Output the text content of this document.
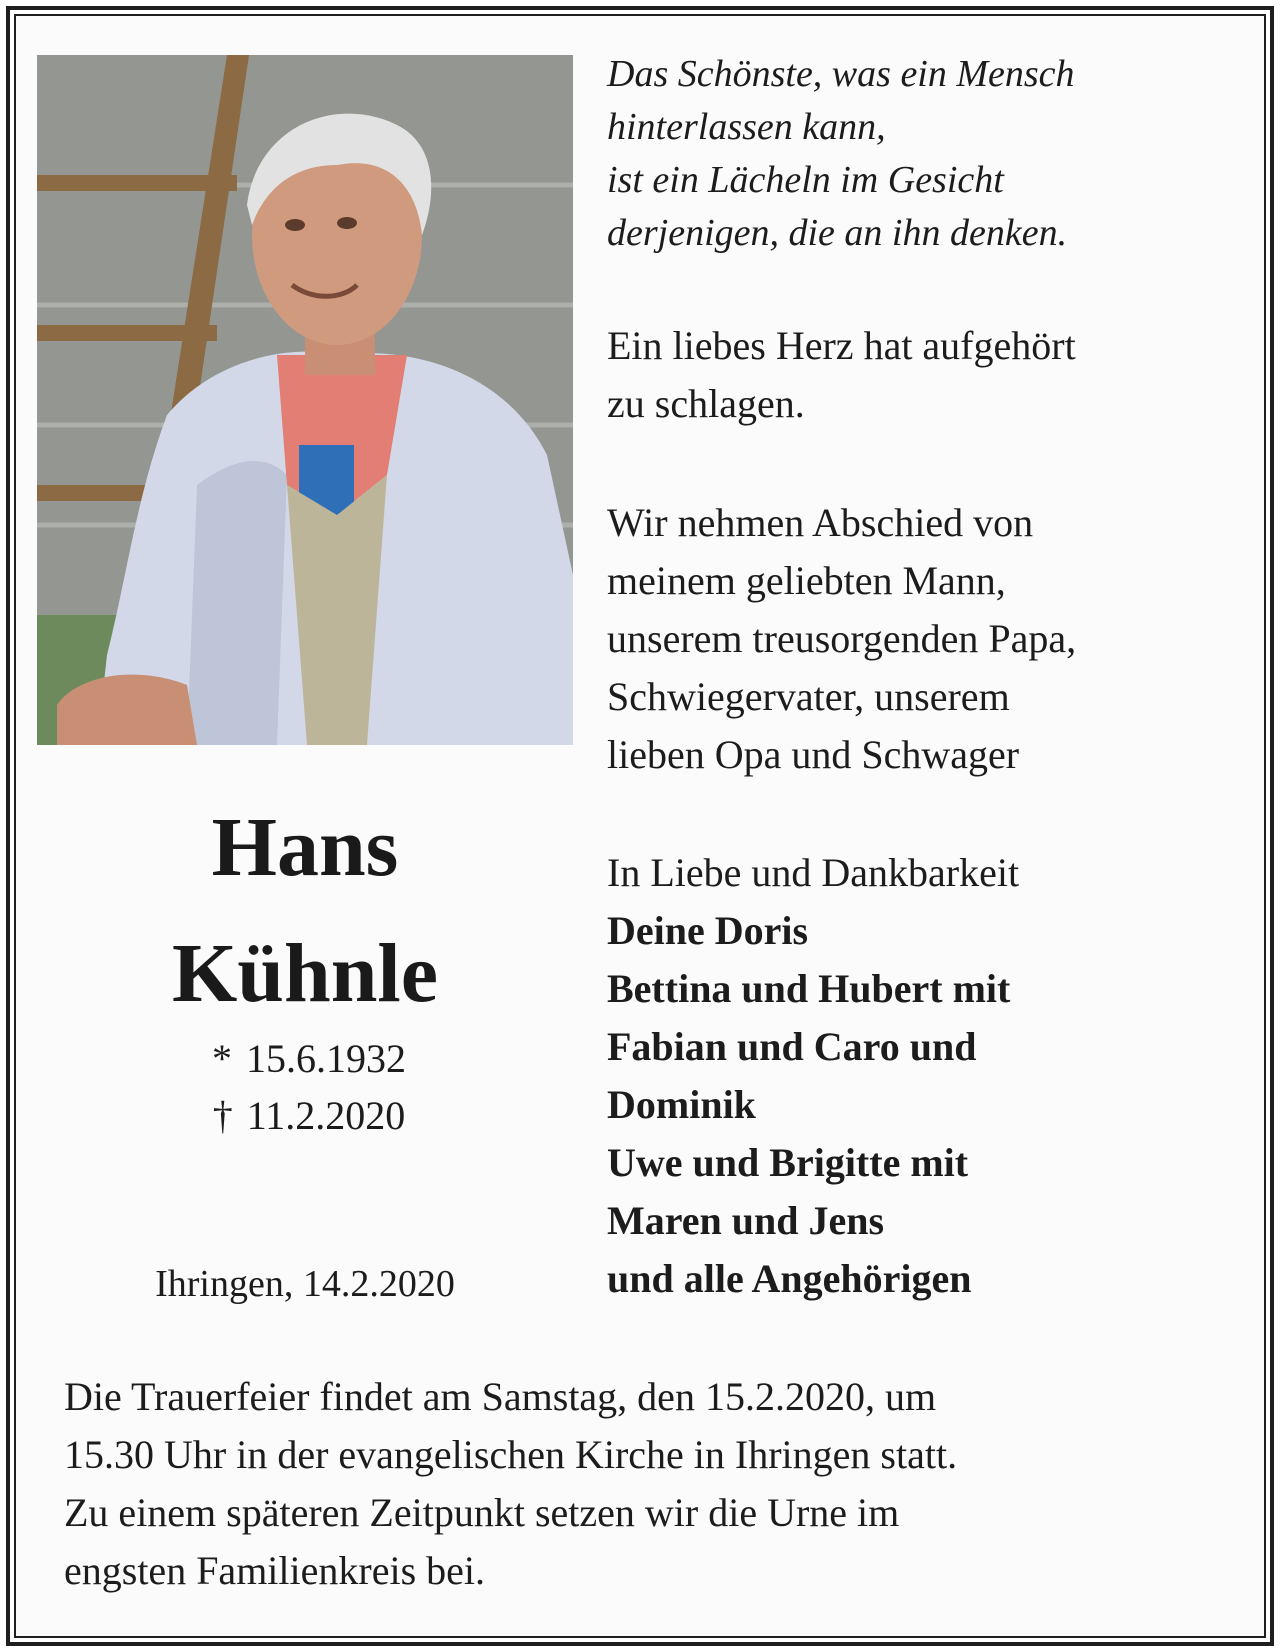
Hans
Kühnle
* 15.6.1932
† 11.2.2020
Ihringen, 14.2.2020
Das Schönste, was ein Mensch
hinterlassen kann,
ist ein Lächeln im Gesicht
derjenigen, die an ihn denken.
Ein liebes Herz hat aufgehört
zu schlagen.
Wir nehmen Abschied von
meinem geliebten Mann,
unserem treusorgenden Papa,
Schwiegervater, unserem
lieben Opa und Schwager
In Liebe und Dankbarkeit
Deine Doris
Bettina und Hubert mit
Fabian und Caro und
Dominik
Uwe und Brigitte mit
Maren und Jens
und alle Angehörigen
Die Trauerfeier findet am Samstag, den 15.2.2020, um
15.30 Uhr in der evangelischen Kirche in Ihringen statt.
Zu einem späteren Zeitpunkt setzen wir die Urne im
engsten Familienkreis bei.
